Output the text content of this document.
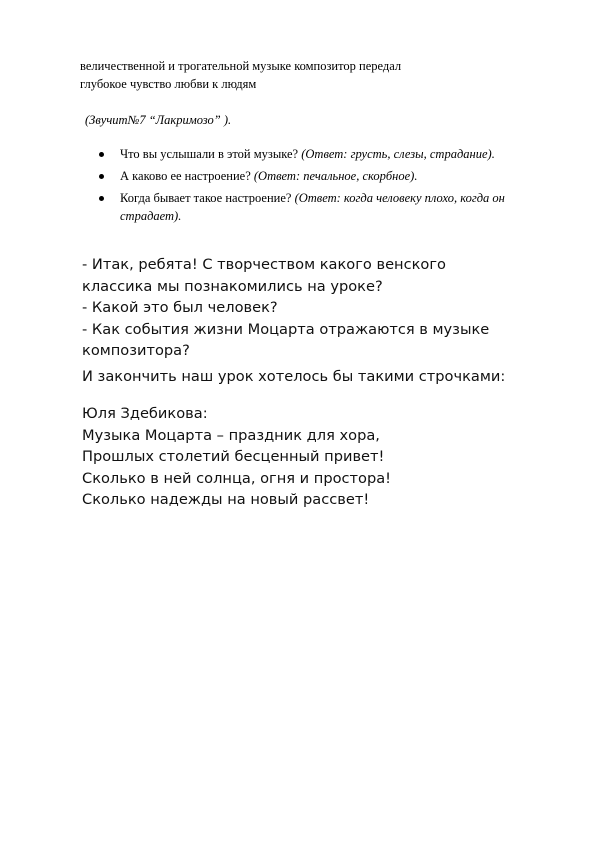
величественной и трогательной музыке композитор передал
глубокое чувство любви к людям
(Звучит№7 “Лакримозо” ).
Что вы услышали в этой музыке? (Ответ: грусть, слезы, страдание).
А каково ее настроение? (Ответ: печальное, скорбное).
Когда бывает такое настроение? (Ответ: когда человеку плохо, когда он страдает).
- Итак, ребята! С творчеством какого венского
классика мы познакомились на уроке?
- Какой это был человек?
- Как события жизни Моцарта отражаются в музыке
композитора?
И закончить наш урок хотелось бы такими строчками:
Юля Здебикова:
Музыка Моцарта – праздник для хора,
Прошлых столетий бесценный привет!
Сколько в ней солнца, огня и простора!
Сколько надежды на новый рассвет!
